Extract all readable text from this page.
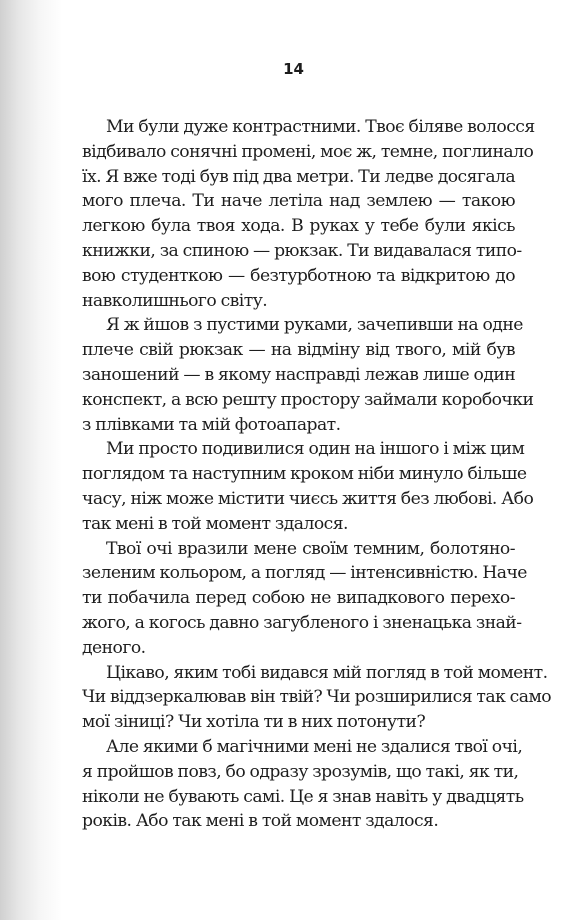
14
Ми були дуже контрастними. Твоє біляве волосся
відбивало сонячні промені, моє ж, темне, поглинало
їх. Я вже тоді був під два метри. Ти ледве досягала
мого плеча. Ти наче летіла над землею — такою
легкою була твоя хода. В руках у тебе були якісь
книжки, за спиною — рюкзак. Ти видавалася типо-
вою студенткою — безтурботною та відкритою до
навколишнього світу.
Я ж йшов з пустими руками, зачепивши на одне
плече свій рюкзак — на відміну від твого, мій був
заношений — в якому насправді лежав лише один
конспект, а всю решту простору займали коробочки
з плівками та мій фотоапарат.
Ми просто подивилися один на іншого і між цим
поглядом та наступним кроком ніби минуло більше
часу, ніж може містити чиєсь життя без любові. Або
так мені в той момент здалося.
Твої очі вразили мене своїм темним, болотяно-
зеленим кольором, а погляд — інтенсивністю. Наче
ти побачила перед собою не випадкового перехо-
жого, а когось давно загубленого і зненацька знай-
деного.
Цікаво, яким тобі видався мій погляд в той момент.
Чи віддзеркалював він твій? Чи розширилися так само
мої зіниці? Чи хотіла ти в них потонути?
Але якими б магічними мені не здалися твої очі,
я пройшов повз, бо одразу зрозумів, що такі, як ти,
ніколи не бувають самі. Це я знав навіть у двадцять
років. Або так мені в той момент здалося.
